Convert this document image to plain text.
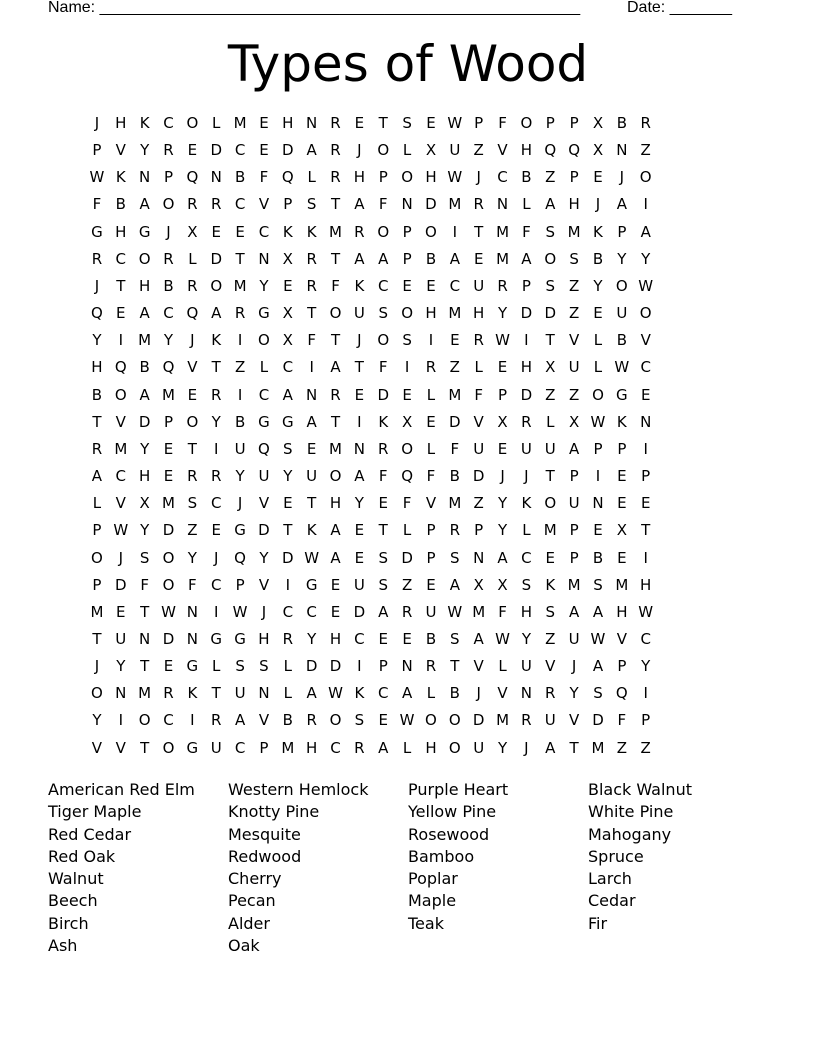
Name: ______________________________________________________	Date: _______
Types of Wood
J	H K C O L M E H N R E T S E W P	F O P P X B R
P V Y R E D C E D A R	J	O L X U Z V H Q Q X N Z
W K N P Q N B F Q L R H P O H W J	C B Z P E	J	O
F B A O R R C V P S T A F N D M R N L A H	J	A	I
G H G	J	X E E C K K M R O P O	I	T M F S M K P A
R C O R L D T N X R T A A P B A E M A O S B Y Y
J	T H B R O M Y E R F K C E E C U R P S Z Y O W
Q E A C Q A R G X T O U S O H M H Y D D Z E U O
Y	I	M Y	J	K	I	O X F T	J	O S	I	E R W I	T V L B V
H Q B Q V T Z L C	I	A T F	I	R Z L E H X U L W C
B O A M E R	I	C A N R E D E L M F	P D Z Z O G E
T V D P O Y B G G A T	I	K X E D V X R L X W K N
R M Y E T	I	U Q S E M N R O L	F U E U U A P P	I
A C H E R R Y U Y U O A F Q F B D	J	J	T P	I	E P
L V X M S C	J	V E T H Y E F V M Z Y K O U N E E
P W Y D Z E G D T K A E T	L	P R P Y	L M P E X T
O	J	S O Y	J	Q Y D W A E S D P S N A C E P B E	I
P D F O F C P V	I	G E U S Z E A X X S K M S M H
M E T W N	I W J	C C E D A R U W M F H S A A H W
T U N D N G G H R Y H C E E B S A W Y Z U W V C
J	Y T E G L S S L D D	I	P N R T V L U V	J	A P Y
O N M R K T U N L A W K C A L B	J	V N R Y S Q	I
Y	I	O C	I	R A V B R O S E W O O D M R U V D F	P
V V T O G U C P M H C R A L H O U Y	J	A T M Z Z
American Red Elm
Tiger Maple
Red Cedar
Red Oak
Walnut
Beech
Birch
Ash
Western Hemlock
Knotty Pine
Mesquite
Redwood
Cherry
Pecan
Alder
Oak
Purple Heart
Yellow Pine
Rosewood
Bamboo
Poplar
Maple
Teak
Black Walnut
White Pine
Mahogany
Spruce
Larch
Cedar
Fir
